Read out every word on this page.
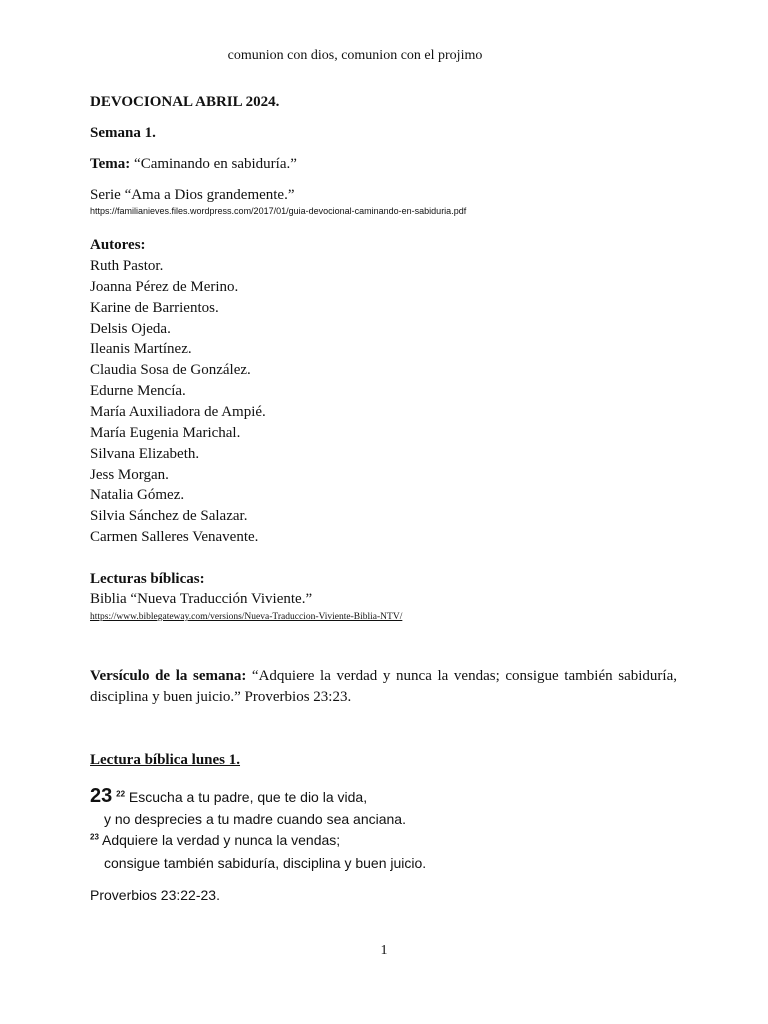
comunion con dios, comunion con el projimo
DEVOCIONAL ABRIL 2024.
Semana 1.
Tema: “Caminando en sabiduría.”
Serie “Ama a Dios grandemente.”
https://familianieves.files.wordpress.com/2017/01/guia-devocional-caminando-en-sabiduria.pdf
Autores:
Ruth Pastor.
Joanna Pérez de Merino.
Karine de Barrientos.
Delsis Ojeda.
Ileanis Martínez.
Claudia Sosa de González.
Edurne Mencía.
María Auxiliadora de Ampié.
María Eugenia Marichal.
Silvana Elizabeth.
Jess Morgan.
Natalia Gómez.
Silvia Sánchez de Salazar.
Carmen Salleres Venavente.
Lecturas bíblicas:
Biblia “Nueva Traducción Viviente.”
https://www.biblegateway.com/versions/Nueva-Traduccion-Viviente-Biblia-NTV/
Versículo de la semana: “Adquiere la verdad y nunca la vendas; consigue también sabiduría, disciplina y buen juicio.” Proverbios 23:23.
Lectura bíblica lunes 1.
23 $^{22}$ Escucha a tu padre, que te dio la vida,
y no desprecies a tu madre cuando sea anciana.
$^{23}$ Adquiere la verdad y nunca la vendas;
consigue también sabiduría, disciplina y buen juicio.
Proverbios 23:22-23.
1
